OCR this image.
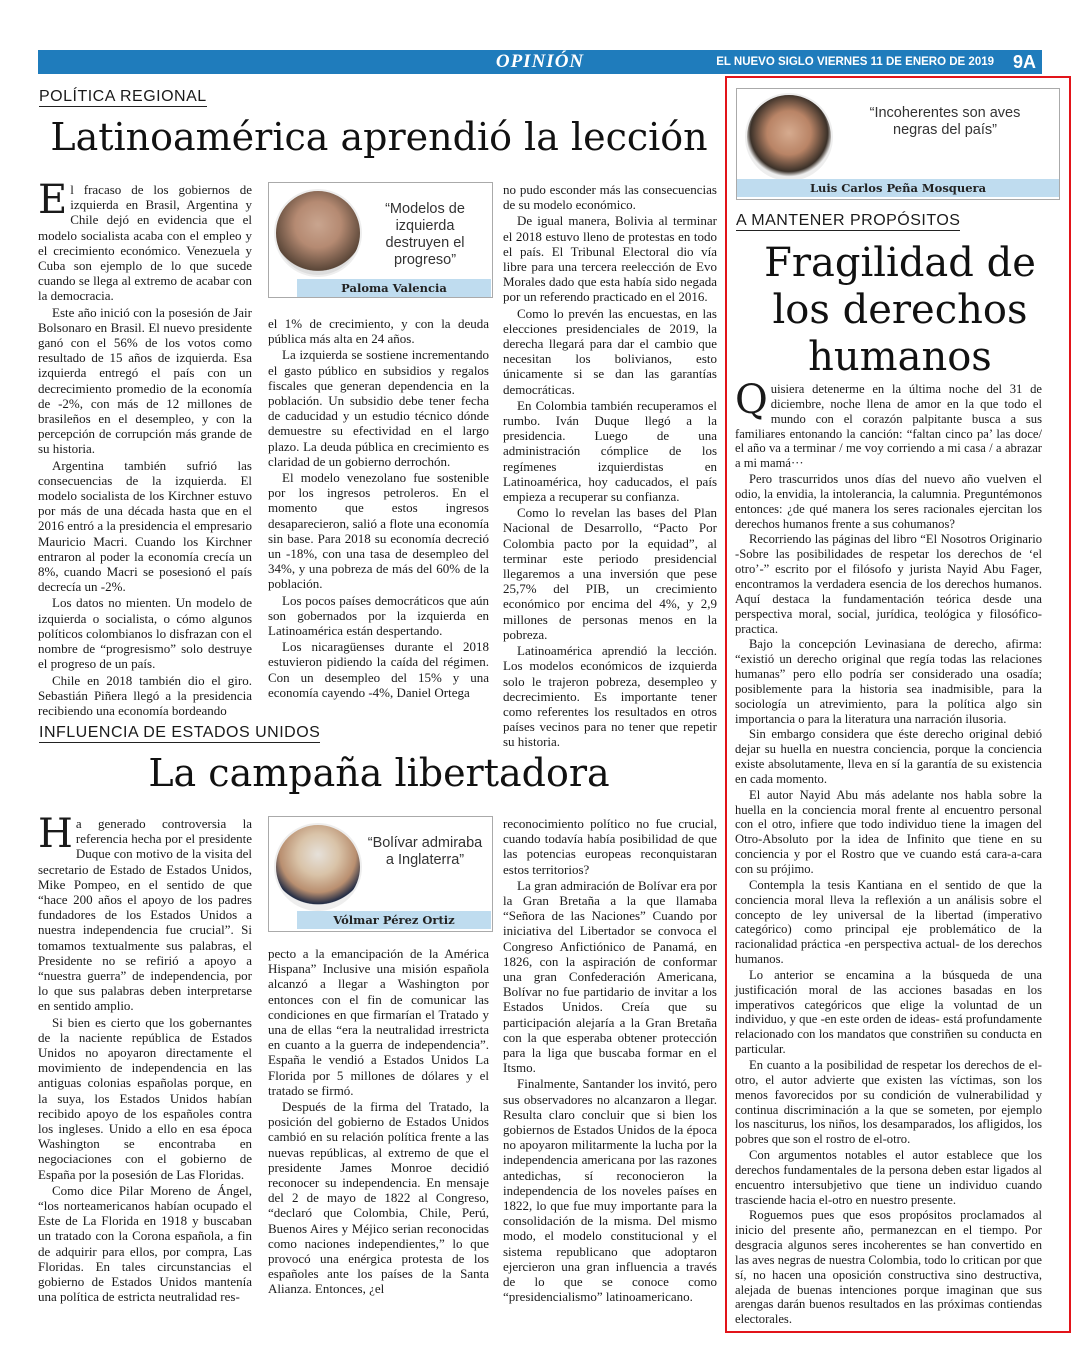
OPINIÓN	EL NUEVO SIGLO VIERNES 11 DE ENERO DE 2019 9A
POLÍTICA REGIONAL
Latinoamérica aprendió la lección

El fracaso de los gobiernos de izquierda en Brasil, Argentina y Chile dejó en evidencia que el modelo socialista acaba con el empleo y el crecimiento económico. Venezuela y Cuba son ejemplo de lo que sucede cuando se llega al extremo de acabar con la democracia.

Este año inició con la posesión de Jair Bolsonaro en Brasil. El nuevo presidente ganó con el 56% de los votos como resultado de 15 años de izquierda. Esa izquierda entregó el país con un decrecimiento promedio de la economía de -2%, con más de 12 millones de brasileños en el desempleo, y con la percepción de corrupción más grande de su historia.

Argentina también sufrió las consecuencias de la izquierda. El modelo socialista de los Kirchner estuvo por más de una década hasta que en el 2016 entró a la presidencia el empresario Mauricio Macri. Cuando los Kirchner entraron al poder la economía crecía un 8%, cuando Macri se posesionó el país decrecía un -2%.

Los datos no mienten. Un modelo de izquierda o socialista, o cómo algunos políticos colombianos lo disfrazan con el nombre de “progresismo” solo destruye el progreso de un país.

Chile en 2018 también dio el giro. Sebastián Piñera llegó a la presidencia recibiendo una economía bordeando

“Modelos de izquierda destruyen el progreso”
Paloma Valencia

el 1% de crecimiento, y con la deuda pública más alta en 24 años.

La izquierda se sostiene incrementando el gasto público en subsidios y regalos fiscales que generan dependencia en la población. Un subsidio debe tener fecha de caducidad y un estudio técnico dónde demuestre su efectividad en el largo plazo. La deuda pública en crecimiento es claridad de un gobierno derrochón.

El modelo venezolano fue sostenible por los ingresos petroleros. En el momento que estos ingresos desaparecieron, salió a flote una economía sin base. Para 2018 su economía decreció un -18%, con una tasa de desempleo del 34%, y una pobreza de más del 60% de la población.

Los pocos países democráticos que aún son gobernados por la izquierda en Latinoamérica están despertando.

Los nicaragüenses durante el 2018 estuvieron pidiendo la caída del régimen. Con un desempleo del 15% y una economía cayendo -4%, Daniel Ortega

no pudo esconder más las consecuencias de su modelo económico.

De igual manera, Bolivia al terminar el 2018 estuvo lleno de protestas en todo el país. El Tribunal Electoral dio vía libre para una tercera reelección de Evo Morales dado que esta había sido negada por un referendo practicado en el 2016.

Como lo prevén las encuestas, en las elecciones presidenciales de 2019, la derecha llegará para dar el cambio que necesitan los bolivianos, esto únicamente si se dan las garantías democráticas.

En Colombia también recuperamos el rumbo. Iván Duque llegó a la presidencia. Luego de una administración cómplice de los regímenes izquierdistas en Latinoamérica, hoy caducados, el país empieza a recuperar su confianza.

Como lo revelan las bases del Plan Nacional de Desarrollo, “Pacto Por Colombia pacto por la equidad”, al terminar este periodo presidencial llegaremos a una inversión que pese 25,7% del PIB, un crecimiento económico por encima del 4%, y 2,9 millones de personas menos en la pobreza.

Latinoamérica aprendió la lección. Los modelos económicos de izquierda solo le trajeron pobreza, desempleo y decrecimiento. Es importante tener como referentes los resultados en otros países vecinos para no tener que repetir su historia.

INFLUENCIA DE ESTADOS UNIDOS
La campaña libertadora

Ha generado controversia la referencia hecha por el presidente Duque con motivo de la visita del secretario de Estado de Estados Unidos, Mike Pompeo, en el sentido de que “hace 200 años el apoyo de los padres fundadores de los Estados Unidos a nuestra independencia fue crucial”. Si tomamos textualmente sus palabras, el Presidente no se refirió a apoyo a “nuestra guerra” de independencia, por lo que sus palabras deben interpretarse en sentido amplio.

Si bien es cierto que los gobernantes de la naciente república de Estados Unidos no apoyaron directamente el movimiento de independencia en las antiguas colonias españolas porque, en la suya, los Estados Unidos habían recibido apoyo de los españoles contra los ingleses. Unido a ello en esa época Washington se encontraba en negociaciones con el gobierno de España por la posesión de Las Floridas.

Como dice Pilar Moreno de Ángel, “los norteamericanos habían ocupado el Este de La Florida en 1918 y buscaban un tratado con la Corona española, a fin de adquirir para ellos, por compra, Las Floridas. En tales circunstancias el gobierno de Estados Unidos mantenía una política de estricta neutralidad res-

“Bolívar admiraba a Inglaterra”
Vólmar Pérez Ortiz

pecto a la emancipación de la América Hispana” Inclusive una misión española alcanzó a llegar a Washington por entonces con el fin de comunicar las condiciones en que firmarían el Tratado y una de ellas “era la neutralidad irrestricta en cuanto a la guerra de independencia”. España le vendió a Estados Unidos La Florida por 5 millones de dólares y el tratado se firmó.

Después de la firma del Tratado, la posición del gobierno de Estados Unidos cambió en su relación política frente a las nuevas repúblicas, al extremo de que el presidente James Monroe decidió reconocer su independencia. En mensaje del 2 de mayo de 1822 al Congreso, “declaró que Colombia, Chile, Perú, Buenos Aires y Méjico serian reconocidas como naciones independientes,” lo que provocó una enérgica protesta de los españoles ante los países de la Santa Alianza. Entonces, ¿el

reconocimiento político no fue crucial, cuando todavía había posibilidad de que las potencias europeas reconquistaran estos territorios?

La gran admiración de Bolívar era por la Gran Bretaña a la que llamaba “Señora de las Naciones” Cuando por iniciativa del Libertador se convoca el Congreso Anfictiónico de Panamá, en 1826, con la aspiración de conformar una gran Confederación Americana, Bolívar no fue partidario de invitar a los Estados Unidos. Creía que su participación alejaría a la Gran Bretaña con la que esperaba obtener protección para la liga que buscaba formar en el Itsmo.

Finalmente, Santander los invitó, pero sus observadores no alcanzaron a llegar. Resulta claro concluir que si bien los gobiernos de Estados Unidos de la época no apoyaron militarmente la lucha por la independencia americana por las razones antedichas, sí reconocieron la independencia de los noveles países en 1822, lo que fue muy importante para la consolidación de la misma. Del mismo modo, el modelo constitucional y el sistema republicano que adoptaron ejercieron una gran influencia a través de lo que se conoce como “presidencialismo” latinoamericano.

“Incoherentes son aves negras del país”
Luis Carlos Peña Mosquera
A MANTENER PROPÓSITOS
Fragilidad de
los derechos
humanos

Quisiera detenerme en la última noche del 31 de diciembre, noche llena de amor en la que todo el mundo con el corazón palpitante busca a sus familiares entonando la canción: “faltan cinco pa’ las doce/ el año va a terminar / me voy corriendo a mi casa / a abrazar a mi mamá···

Pero trascurridos unos días del nuevo año vuelven el odio, la envidia, la intolerancia, la calumnia. Preguntémonos entonces: ¿de qué manera los seres racionales ejercitan los derechos humanos frente a sus cohumanos?

Recorriendo las páginas del libro “El Nosotros Originario -Sobre las posibilidades de respetar los derechos de ‘el otro’-” escrito por el filósofo y jurista Nayid Abu Fager, encontramos la verdadera esencia de los derechos humanos. Aquí destaca la fundamentación teórica desde una perspectiva moral, social, jurídica, teológica y filosófico-practica.

Bajo la concepción Levinasiana de derecho, afirma: “existió un derecho original que regía todas las relaciones humanas” pero ello podría ser considerado una osadía; posiblemente para la historia sea inadmisible, para la sociología un atrevimiento, para la política algo sin importancia o para la literatura una narración ilusoria.

Sin embargo considera que éste derecho original debió dejar su huella en nuestra conciencia, porque la conciencia existe absolutamente, lleva en sí la garantía de su existencia en cada momento.

El autor Nayid Abu más adelante nos habla sobre la huella en la conciencia moral frente al encuentro personal con el otro, infiere que todo individuo tiene la imagen del Otro-Absoluto por la idea de Infinito que tiene en su conciencia y por el Rostro que ve cuando está cara-a-cara con su prójimo.

Contempla la tesis Kantiana en el sentido de que la conciencia moral lleva la reflexión a un análisis sobre el concepto de ley universal de la libertad (imperativo categórico) como principal eje problemático de la racionalidad práctica -en perspectiva actual- de los derechos humanos.

Lo anterior se encamina a la búsqueda de una justificación moral de las acciones basadas en los imperativos categóricos que elige la voluntad de un individuo, y que -en este orden de ideas- está profundamente relacionado con los mandatos que constriñen su conducta en particular.

En cuanto a la posibilidad de respetar los derechos de el-otro, el autor advierte que existen las víctimas, son los menos favorecidos por su condición de vulnerabilidad y continua discriminación a la que se someten, por ejemplo los nasciturus, los niños, los desamparados, los afligidos, los pobres que son el rostro de el-otro.

Con argumentos notables el autor establece que los derechos fundamentales de la persona deben estar ligados al encuentro intersubjetivo que tiene un individuo cuando trasciende hacia el-otro en nuestro presente.

Roguemos pues que esos propósitos proclamados al inicio del presente año, permanezcan en el tiempo. Por desgracia algunos seres incoherentes se han convertido en las aves negras de nuestra Colombia, todo lo critican por que sí, no hacen una oposición constructiva sino destructiva, alejada de buenas intenciones porque imaginan que sus arengas darán buenos resultados en las próximas contiendas electorales.
